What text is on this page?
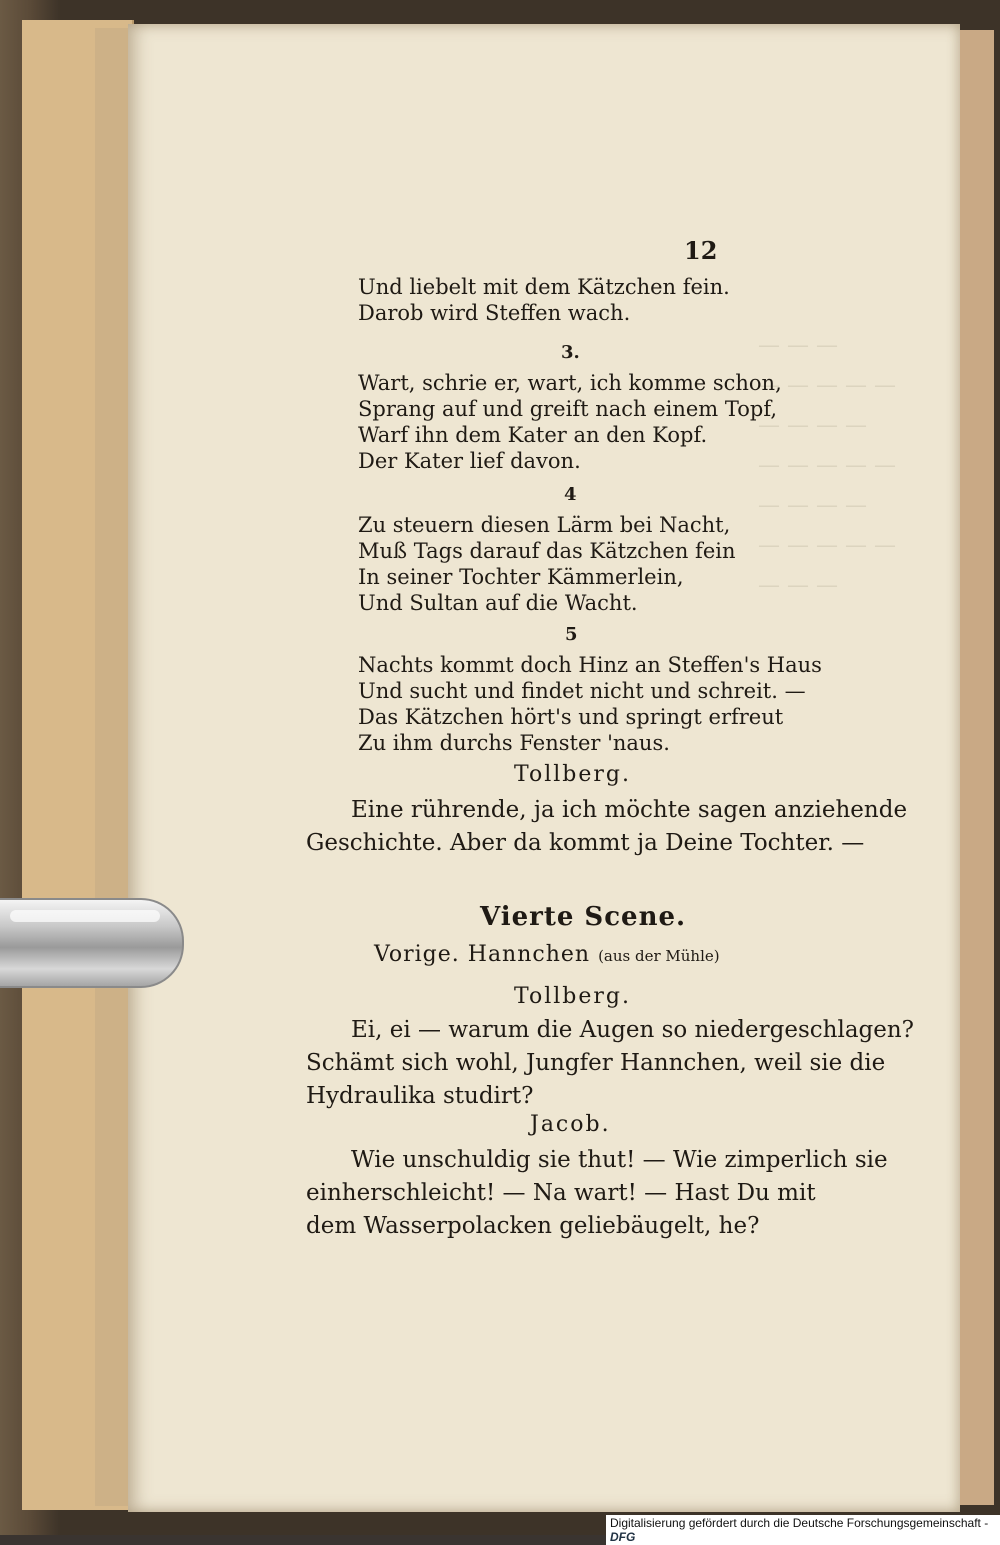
— — —
— — — — —
— — — —
— — — — —
— — — —
— — — — —
— — —
12
Und liebelt mit dem Kätzchen fein.
Darob wird Steffen wach.
3.
Wart, schrie er, wart, ich komme schon,
Sprang auf und greift nach einem Topf,
Warf ihn dem Kater an den Kopf.
Der Kater lief davon.
4
Zu steuern diesen Lärm bei Nacht,
Muß Tags darauf das Kätzchen fein
In seiner Tochter Kämmerlein,
Und Sultan auf die Wacht.
5
Nachts kommt doch Hinz an Steffen's Haus
Und sucht und findet nicht und schreit. —
Das Kätzchen hört's und springt erfreut
Zu ihm durchs Fenster 'naus.
Tollberg.
Eine rührende, ja ich möchte sagen anziehende
Geschichte. Aber da kommt ja Deine Tochter. —
Vierte Scene.
Vorige. Hannchen (aus der Mühle)
Tollberg.
Ei, ei — warum die Augen so niedergeschlagen?
Schämt sich wohl, Jungfer Hannchen, weil sie die
Hydraulika studirt?
Jacob.
Wie unschuldig sie thut! — Wie zimperlich sie
einherschleicht! — Na wart! — Hast Du mit
dem Wasserpolacken geliebäugelt, he?
Digitalisierung gefördert durch die Deutsche Forschungsgemeinschaft - DFG
